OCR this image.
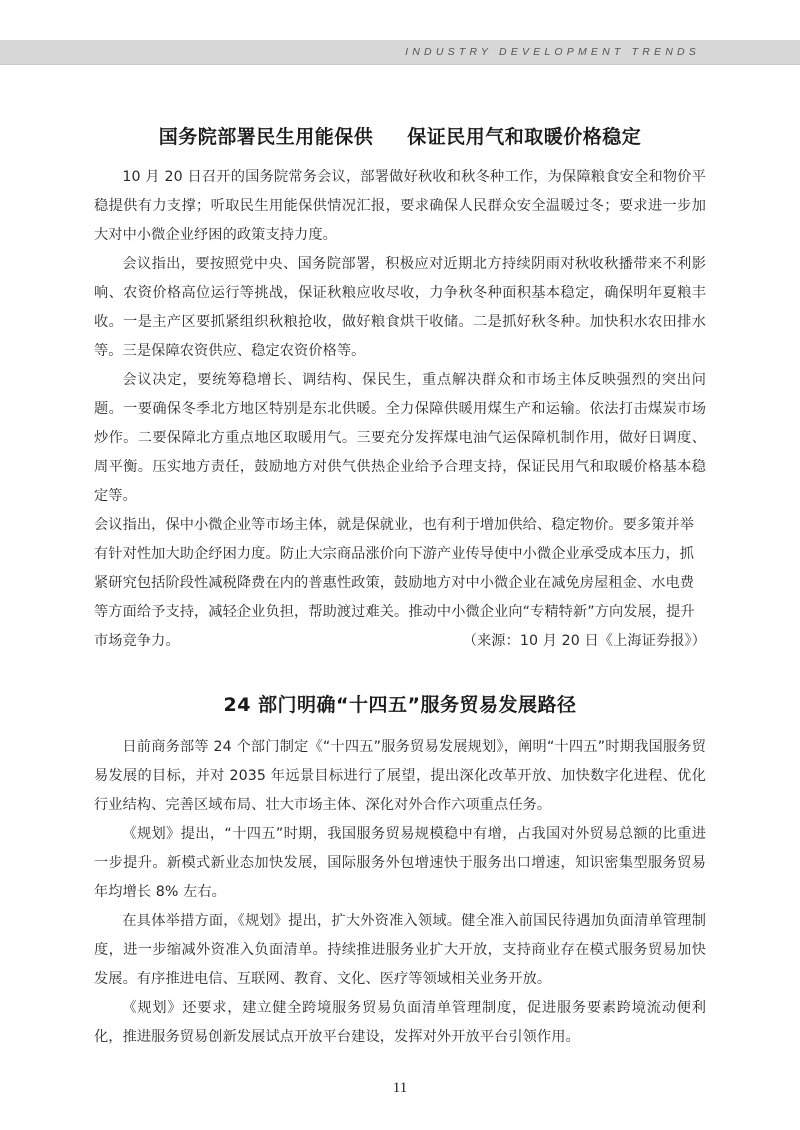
INDUSTRY DEVELOPMENT TRENDS
国务院部署民生用能保供 保证民用气和取暖价格稳定

10 月 20 日召开的国务院常务会议，部署做好秋收和秋冬种工作，为保障粮食安全和物价平稳提供有力支撑；听取民生用能保供情况汇报，要求确保人民群众安全温暖过冬；要求进一步加大对中小微企业纾困的政策支持力度。

会议指出，要按照党中央、国务院部署，积极应对近期北方持续阴雨对秋收秋播带来不利影响、农资价格高位运行等挑战，保证秋粮应收尽收，力争秋冬种面积基本稳定，确保明年夏粮丰收。一是主产区要抓紧组织秋粮抢收，做好粮食烘干收储。二是抓好秋冬种。加快积水农田排水等。三是保障农资供应、稳定农资价格等。

会议决定，要统筹稳增长、调结构、保民生，重点解决群众和市场主体反映强烈的突出问题。一要确保冬季北方地区特别是东北供暖。全力保障供暖用煤生产和运输。依法打击煤炭市场炒作。二要保障北方重点地区取暖用气。三要充分发挥煤电油气运保障机制作用，做好日调度、周平衡。压实地方责任，鼓励地方对供气供热企业给予合理支持，保证民用气和取暖价格基本稳定等。

会议指出，保中小微企业等市场主体，就是保就业，也有利于增加供给、稳定物价。要多策并举有针对性加大助企纾困力度。防止大宗商品涨价向下游产业传导使中小微企业承受成本压力，抓紧研究包括阶段性减税降费在内的普惠性政策，鼓励地方对中小微企业在减免房屋租金、水电费等方面给予支持，减轻企业负担，帮助渡过难关。推动中小微企业向“专精特新”方向发展，提升市场竞争力。	（来源：10 月 20 日《上海证券报》）
24 部门明确“十四五”服务贸易发展路径

日前商务部等 24 个部门制定《“十四五”服务贸易发展规划》，阐明“十四五”时期我国服务贸易发展的目标，并对 2035 年远景目标进行了展望，提出深化改革开放、加快数字化进程、优化行业结构、完善区域布局、壮大市场主体、深化对外合作六项重点任务。

《规划》提出，“十四五”时期，我国服务贸易规模稳中有增，占我国对外贸易总额的比重进一步提升。新模式新业态加快发展，国际服务外包增速快于服务出口增速，知识密集型服务贸易年均增长 8% 左右。

在具体举措方面，《规划》提出，扩大外资准入领域。健全准入前国民待遇加负面清单管理制度，进一步缩减外资准入负面清单。持续推进服务业扩大开放，支持商业存在模式服务贸易加快发展。有序推进电信、互联网、教育、文化、医疗等领域相关业务开放。

《规划》还要求，建立健全跨境服务贸易负面清单管理制度，促进服务要素跨境流动便利化，推进服务贸易创新发展试点开放平台建设，发挥对外开放平台引领作用。

11
